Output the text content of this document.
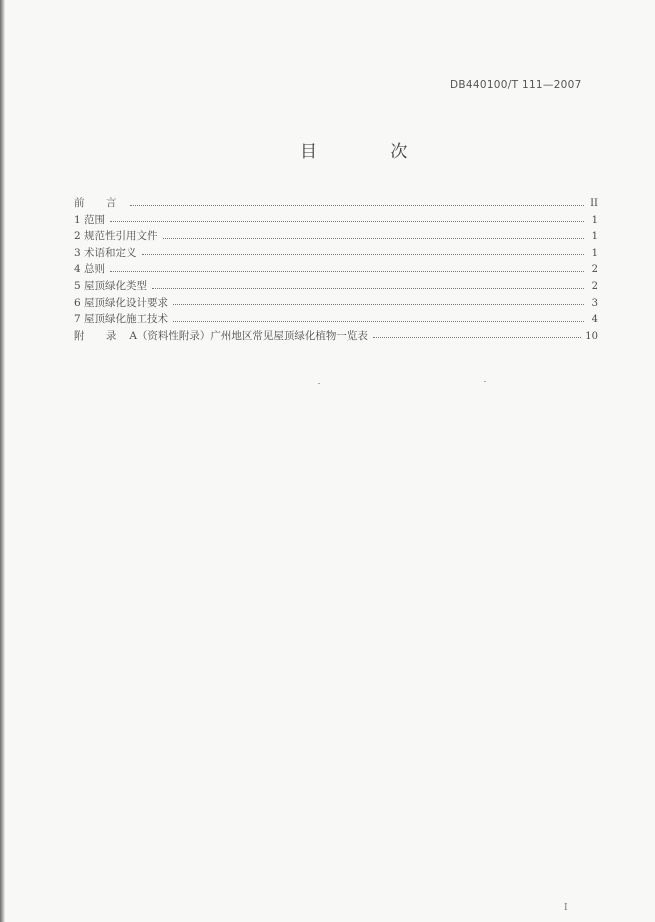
DB440100/T 111—2007
目 次
前 言	II
1 范围	1
2 规范性引用文件	1
3 术语和定义	1
4 总则	2
5 屋顶绿化类型	2
6 屋顶绿化设计要求	3
7 屋顶绿化施工技术	4
附 录 A（资料性附录）广州地区常见屋顶绿化植物一览表	10
I
